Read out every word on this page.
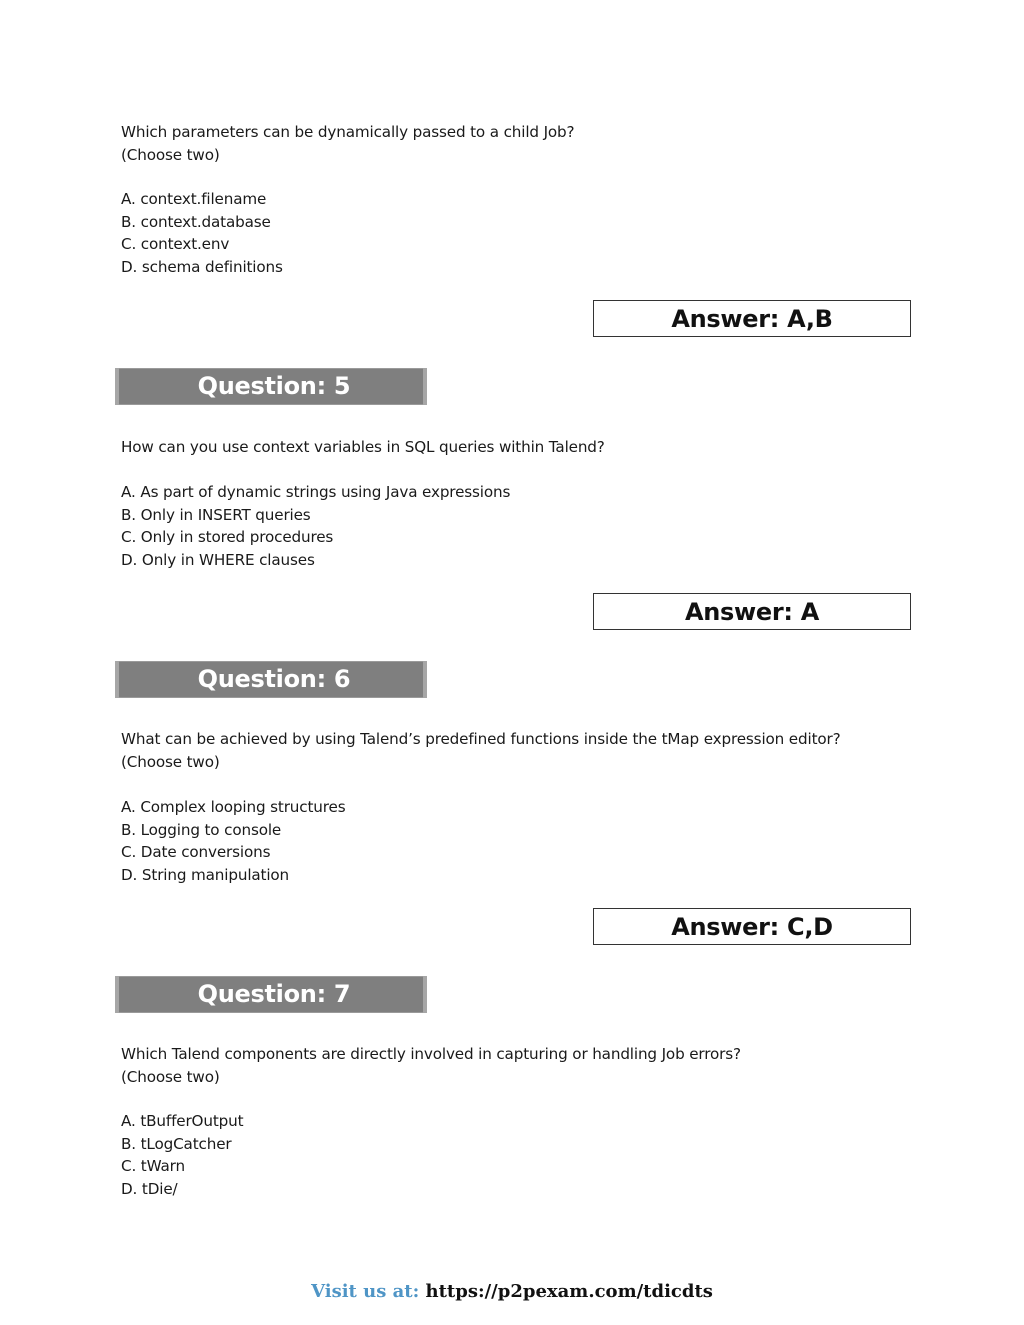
Which parameters can be dynamically passed to a child Job?

(Choose two)

A. context.filename
B. context.database
C. context.env
D. schema definitions
Answer: A,B
Question: 5

How can you use context variables in SQL queries within Talend?

A. As part of dynamic strings using Java expressions
B. Only in INSERT queries
C. Only in stored procedures
D. Only in WHERE clauses
Answer: A
Question: 6

What can be achieved by using Talend’s predefined functions inside the tMap expression editor?

(Choose two)

A. Complex looping structures
B. Logging to console
C. Date conversions
D. String manipulation
Answer: C,D
Question: 7

Which Talend components are directly involved in capturing or handling Job errors?

(Choose two)

A. tBufferOutput
B. tLogCatcher
C. tWarn
D. tDie/
Visit us at: https://p2pexam.com/tdicdts
